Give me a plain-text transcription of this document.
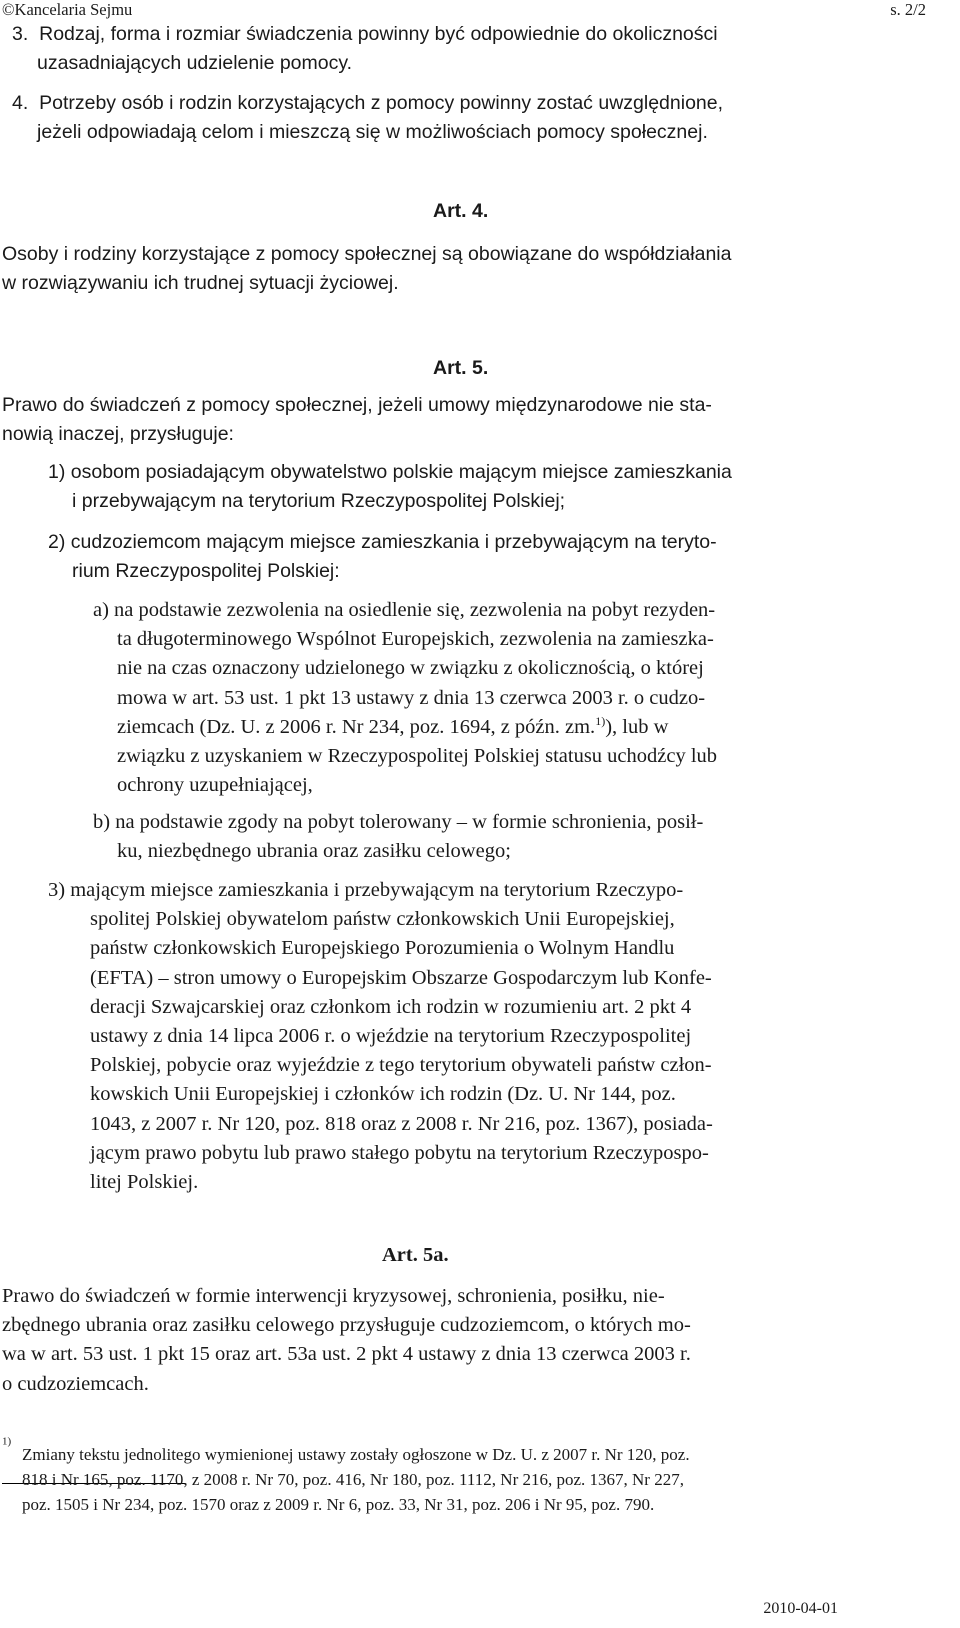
©Kancelaria Sejmu	s. 2/2
3. Rodzaj, forma i rozmiar świadczenia powinny być odpowiednie do okoliczności
uzasadniających udzielenie pomocy.
4. Potrzeby osób i rodzin korzystających z pomocy powinny zostać uwzględnione,
jeżeli odpowiadają celom i mieszczą się w możliwościach pomocy społecznej.
Art. 4.
Osoby i rodziny korzystające z pomocy społecznej są obowiązane do współdziałania
w rozwiązywaniu ich trudnej sytuacji życiowej.
Art. 5.
Prawo do świadczeń z pomocy społecznej, jeżeli umowy międzynarodowe nie sta-
nowią inaczej, przysługuje:
1) osobom posiadającym obywatelstwo polskie mającym miejsce zamieszkania
i przebywającym na terytorium Rzeczypospolitej Polskiej;
2) cudzoziemcom mającym miejsce zamieszkania i przebywającym na teryto-
rium Rzeczypospolitej Polskiej:
a) na podstawie zezwolenia na osiedlenie się, zezwolenia na pobyt rezyden-
ta długoterminowego Wspólnot Europejskich, zezwolenia na zamieszka-
nie na czas oznaczony udzielonego w związku z okolicznością, o której
mowa w art. 53 ust. 1 pkt 13 ustawy z dnia 13 czerwca 2003 r. o cudzo-
ziemcach (Dz. U. z 2006 r. Nr 234, poz. 1694, z późn. zm.$^{1)}$), lub w
związku z uzyskaniem w Rzeczypospolitej Polskiej statusu uchodźcy lub
ochrony uzupełniającej,
b) na podstawie zgody na pobyt tolerowany – w formie schronienia, posił-
ku, niezbędnego ubrania oraz zasiłku celowego;
3) mającym miejsce zamieszkania i przebywającym na terytorium Rzeczypo-
spolitej Polskiej obywatelom państw członkowskich Unii Europejskiej,
państw członkowskich Europejskiego Porozumienia o Wolnym Handlu
(EFTA) – stron umowy o Europejskim Obszarze Gospodarczym lub Konfe-
deracji Szwajcarskiej oraz członkom ich rodzin w rozumieniu art. 2 pkt 4
ustawy z dnia 14 lipca 2006 r. o wjeździe na terytorium Rzeczypospolitej
Polskiej, pobycie oraz wyjeździe z tego terytorium obywateli państw człon-
kowskich Unii Europejskiej i członków ich rodzin (Dz. U. Nr 144, poz.
1043, z 2007 r. Nr 120, poz. 818 oraz z 2008 r. Nr 216, poz. 1367), posiada-
jącym prawo pobytu lub prawo stałego pobytu na terytorium Rzeczypospo-
litej Polskiej.
Art. 5a.
Prawo do świadczeń w formie interwencji kryzysowej, schronienia, posiłku, nie-
zbędnego ubrania oraz zasiłku celowego przysługuje cudzoziemcom, o których mo-
wa w art. 53 ust. 1 pkt 15 oraz art. 53a ust. 2 pkt 4 ustawy z dnia 13 czerwca 2003 r.
o cudzoziemcach.
$^{1)}$
Zmiany tekstu jednolitego wymienionej ustawy zostały ogłoszone w Dz. U. z 2007 r. Nr 120, poz.
818 i Nr 165, poz. 1170, z 2008 r. Nr 70, poz. 416, Nr 180, poz. 1112, Nr 216, poz. 1367, Nr 227,
poz. 1505 i Nr 234, poz. 1570 oraz z 2009 r. Nr 6, poz. 33, Nr 31, poz. 206 i Nr 95, poz. 790.
2010-04-01
